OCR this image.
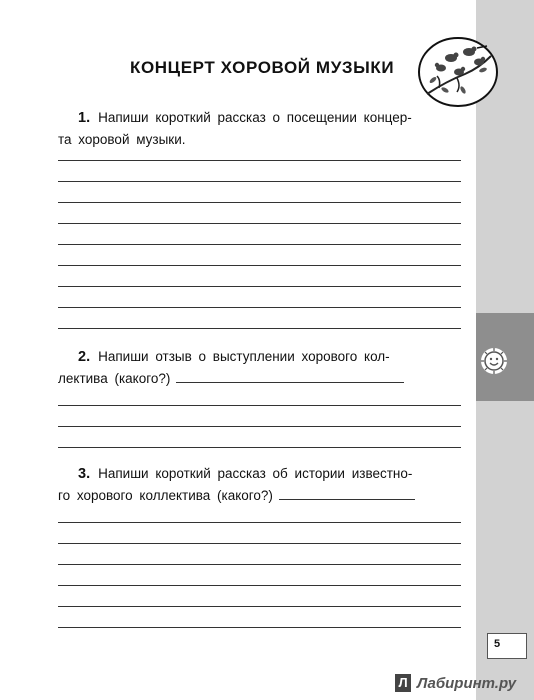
5
Л Лабиринт.ру
КОНЦЕРТ ХОРОВОЙ МУЗЫКИ
1. Напиши короткий рассказ о посещении концер-
та хоровой музыки.
2. Напиши отзыв о выступлении хорового кол-
лектива (какого?)
3. Напиши короткий рассказ об истории известно-
го хорового коллектива (какого?)
